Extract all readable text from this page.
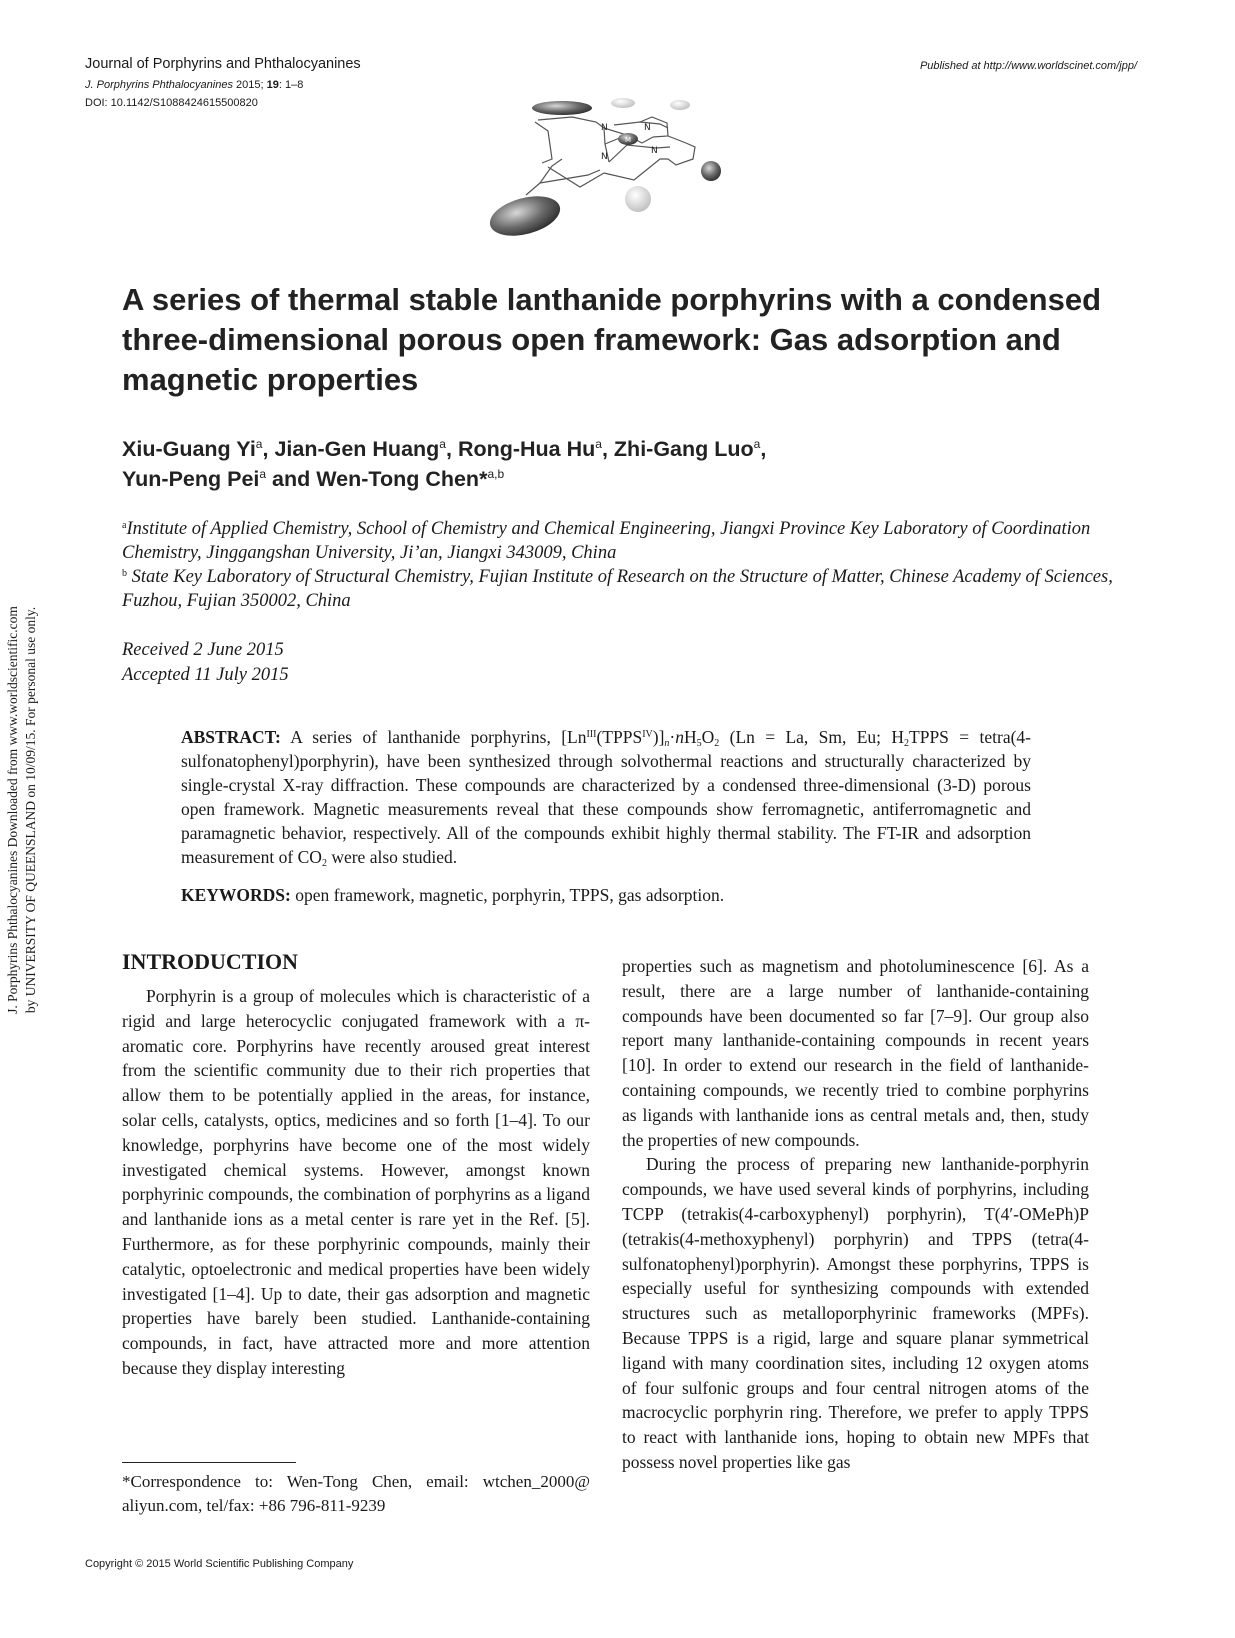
Journal of Porphyrins and Phthalocyanines
J. Porphyrins Phthalocyanines 2015; 19: 1–8
DOI: 10.1142/S1088424615500820
Published at http://www.worldscinet.com/jpp/
M
N	N
N
N
A series of thermal stable lanthanide porphyrins with a condensed three-dimensional porous open framework: Gas adsorption and magnetic properties
Xiu-Guang Yi$^a$, Jian-Gen Huang$^a$, Rong-Hua Hu$^a$, Zhi-Gang Luo$^a$,
Yun-Peng Pei$^a$ and Wen-Tong Chen*$^{a,b}$
$^a$Institute of Applied Chemistry, School of Chemistry and Chemical Engineering, Jiangxi Province Key Laboratory of Coordination Chemistry, Jinggangshan University, Ji’an, Jiangxi 343009, China
$^b$ State Key Laboratory of Structural Chemistry, Fujian Institute of Research on the Structure of Matter, Chinese Academy of Sciences, Fuzhou, Fujian 350002, China
Received 2 June 2015
Accepted 11 July 2015
ABSTRACT: A series of lanthanide porphyrins, $[Ln^{III}(TPPS^{IV})]_n\cdot nH_5O_2$ (Ln = La, Sm, Eu; $H_2TPPS$ = tetra(4-sulfonatophenyl)porphyrin), have been synthesized through solvothermal reactions and structurally characterized by single-crystal X-ray diffraction. These compounds are characterized by a condensed three-dimensional (3-D) porous open framework. Magnetic measurements reveal that these compounds show ferromagnetic, antiferromagnetic and paramagnetic behavior, respectively. All of the compounds exhibit highly thermal stability. The FT-IR and adsorption measurement of $CO_2$ were also studied.
KEYWORDS: open framework, magnetic, porphyrin, TPPS, gas adsorption.
J. Porphyrins Phthalocyanines Downloaded from www.worldscientific.com by UNIVERSITY OF QUEENSLAND on 10/09/15. For personal use only.	INTRODUCTION

Porphyrin is a group of molecules which is characteristic of a rigid and large heterocyclic conjugated framework with a π-aromatic core. Porphyrins have recently aroused great interest from the scientific community due to their rich properties that allow them to be potentially applied in the areas, for instance, solar cells, catalysts, optics, medicines and so forth [1–4]. To our knowledge, porphyrins have become one of the most widely investigated chemical systems. However, amongst known porphyrinic compounds, the combination of porphyrins as a ligand and lanthanide ions as a metal center is rare yet in the Ref. [5]. Furthermore, as for these porphyrinic compounds, mainly their catalytic, optoelectronic and medical properties have been widely investigated [1–4]. Up to date, their gas adsorption and magnetic properties have barely been studied. Lanthanide-containing compounds, in fact, have attracted more and more attention because they display interesting

properties such as magnetism and photoluminescence [6]. As a result, there are a large number of lanthanide-containing compounds have been documented so far [7–9]. Our group also report many lanthanide-containing compounds in recent years [10]. In order to extend our research in the field of lanthanide-containing compounds, we recently tried to combine porphyrins as ligands with lanthanide ions as central metals and, then, study the properties of new compounds.

During the process of preparing new lanthanide-porphyrin compounds, we have used several kinds of porphyrins, including TCPP (tetrakis(4-carboxyphenyl) porphyrin), T(4′-OMePh)P (tetrakis(4-methoxyphenyl) porphyrin) and TPPS (tetra(4-sulfonatophenyl)porphyrin). Amongst these porphyrins, TPPS is especially useful for synthesizing compounds with extended structures such as metalloporphyrinic frameworks (MPFs). Because TPPS is a rigid, large and square planar symmetrical ligand with many coordination sites, including 12 oxygen atoms of four sulfonic groups and four central nitrogen atoms of the macrocyclic porphyrin ring. Therefore, we prefer to apply TPPS to react with lanthanide ions, hoping to obtain new MPFs that possess novel properties like gas

*Correspondence to: Wen-Tong Chen, email: wtchen_2000@ aliyun.com, tel/fax: +86 796-811-9239
Copyright © 2015 World Scientific Publishing Company
